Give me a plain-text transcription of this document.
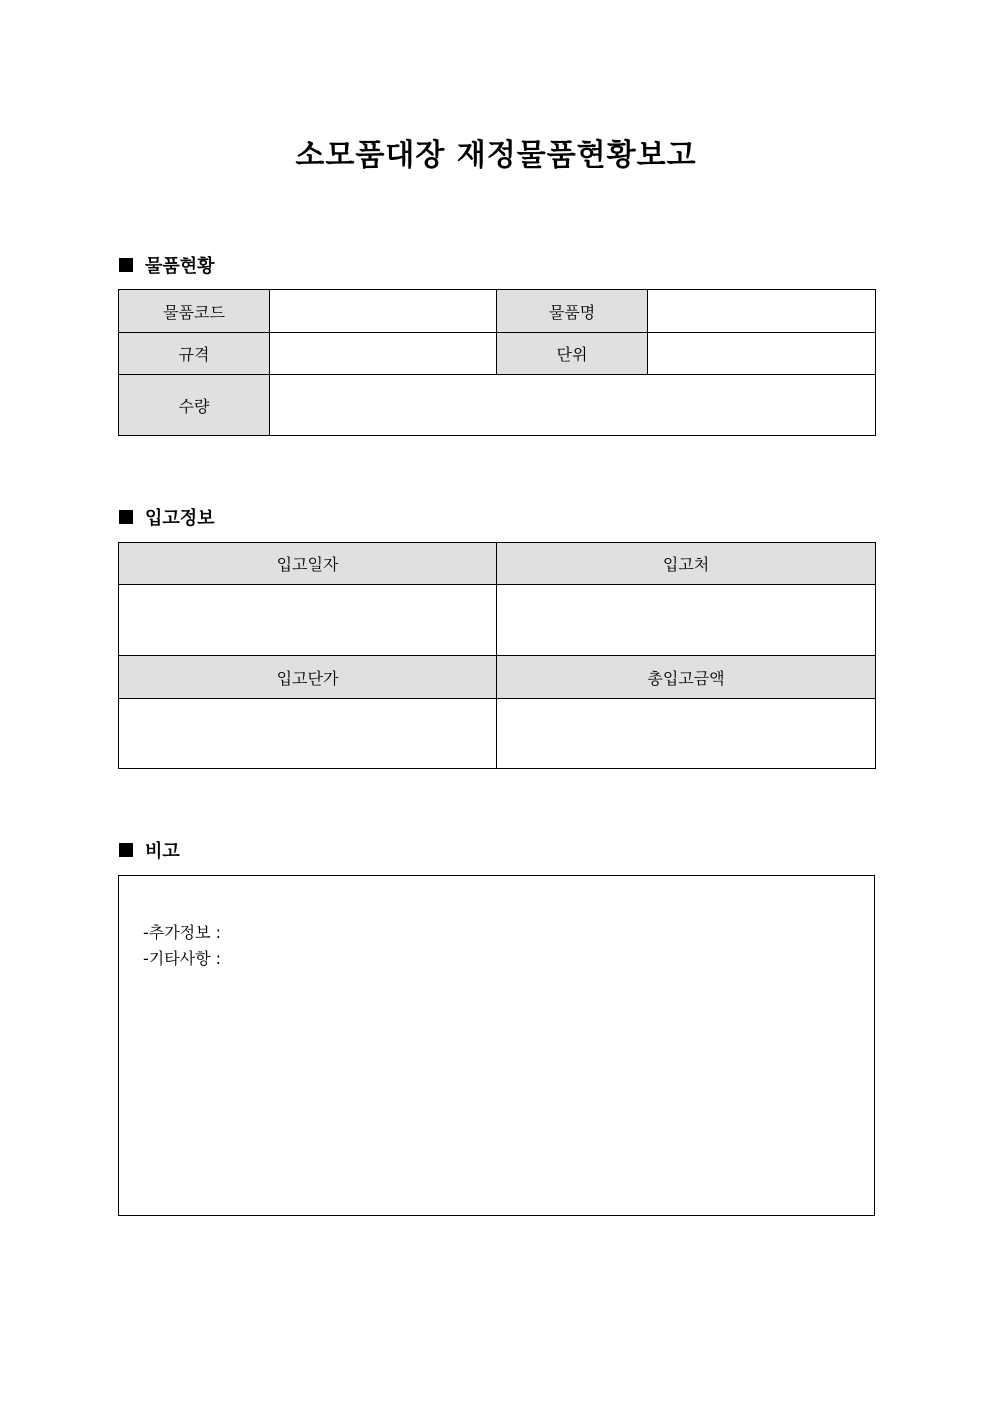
소모품대장 재정물품현황보고
물품현황
물품코드		물품명	
규격		단위	
수량			
입고정보
입고일자	입고처

입고단가	총입고금액

비고
-추가정보 :
-기타사항 :
